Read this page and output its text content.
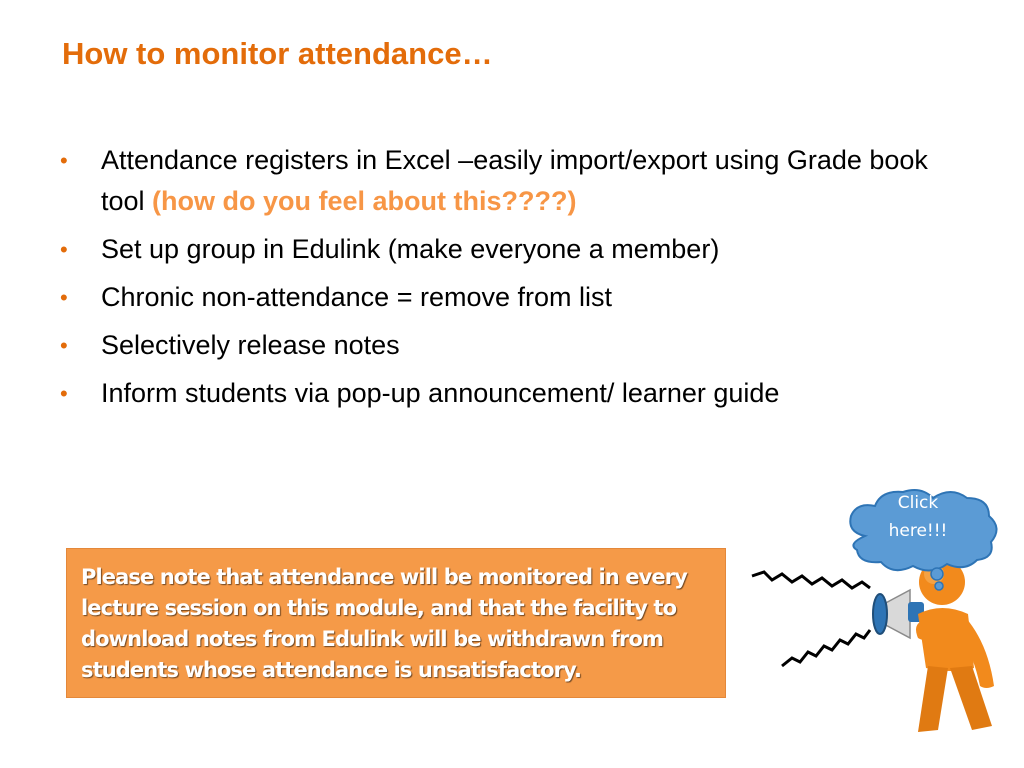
How to monitor attendance…
• Attendance registers in Excel –easily import/export using Grade book tool (how do you feel about this????)
• Set up group in Edulink (make everyone a member)
• Chronic non-attendance = remove from list
• Selectively release notes
• Inform students via pop-up announcement/ learner guide
Please note that attendance will be monitored in every lecture session on this module, and that the facility to download notes from Edulink will be withdrawn from students whose attendance is unsatisfactory.
Click
here!!!
